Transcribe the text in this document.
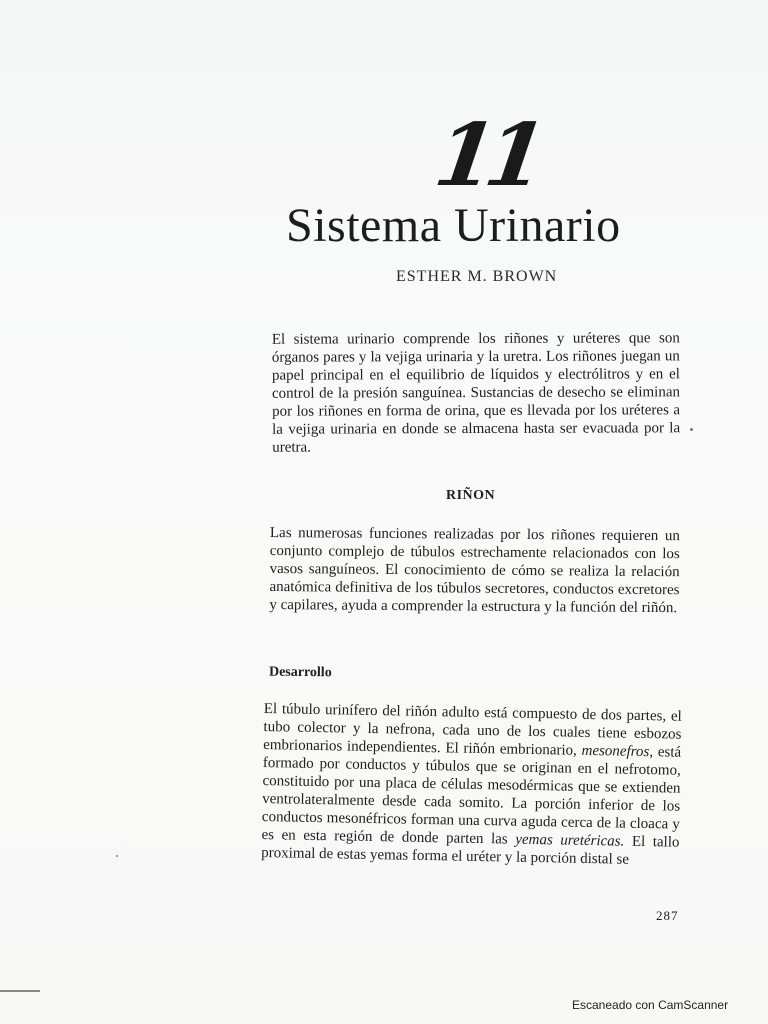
11
Sistema Urinario
ESTHER M. BROWN

El sistema urinario comprende los riñones y uréteres que son órganos pares y la vejiga urinaria y la uretra. Los riñones juegan un papel principal en el equilibrio de líquidos y electrólitros y en el control de la presión sanguínea. Sustancias de desecho se eliminan por los riñones en forma de orina, que es llevada por los uréteres a la vejiga urinaria en donde se almacena hasta ser evacuada por la uretra.

RIÑON

Las numerosas funciones realizadas por los riñones requieren un conjunto complejo de túbulos estrechamente relacionados con los vasos sanguíneos. El conocimiento de cómo se realiza la relación anatómica definitiva de los túbulos secretores, conductos excretores y capilares, ayuda a comprender la estructura y la función del riñón.

Desarrollo

El túbulo urinífero del riñón adulto está compuesto de dos partes, el tubo colector y la nefrona, cada uno de los cuales tiene esbozos embrionarios independientes. El riñón embrionario, mesonefros, está formado por conductos y túbulos que se originan en el nefrotomo, constituido por una placa de células mesodérmicas que se extienden ventrolateralmente desde cada somito. La porción inferior de los conductos mesonéfricos forman una curva aguda cerca de la cloaca y es en esta región de donde parten las yemas uretéricas. El tallo proximal de estas yemas forma el uréter y la porción distal se

287
Escaneado con CamScanner
